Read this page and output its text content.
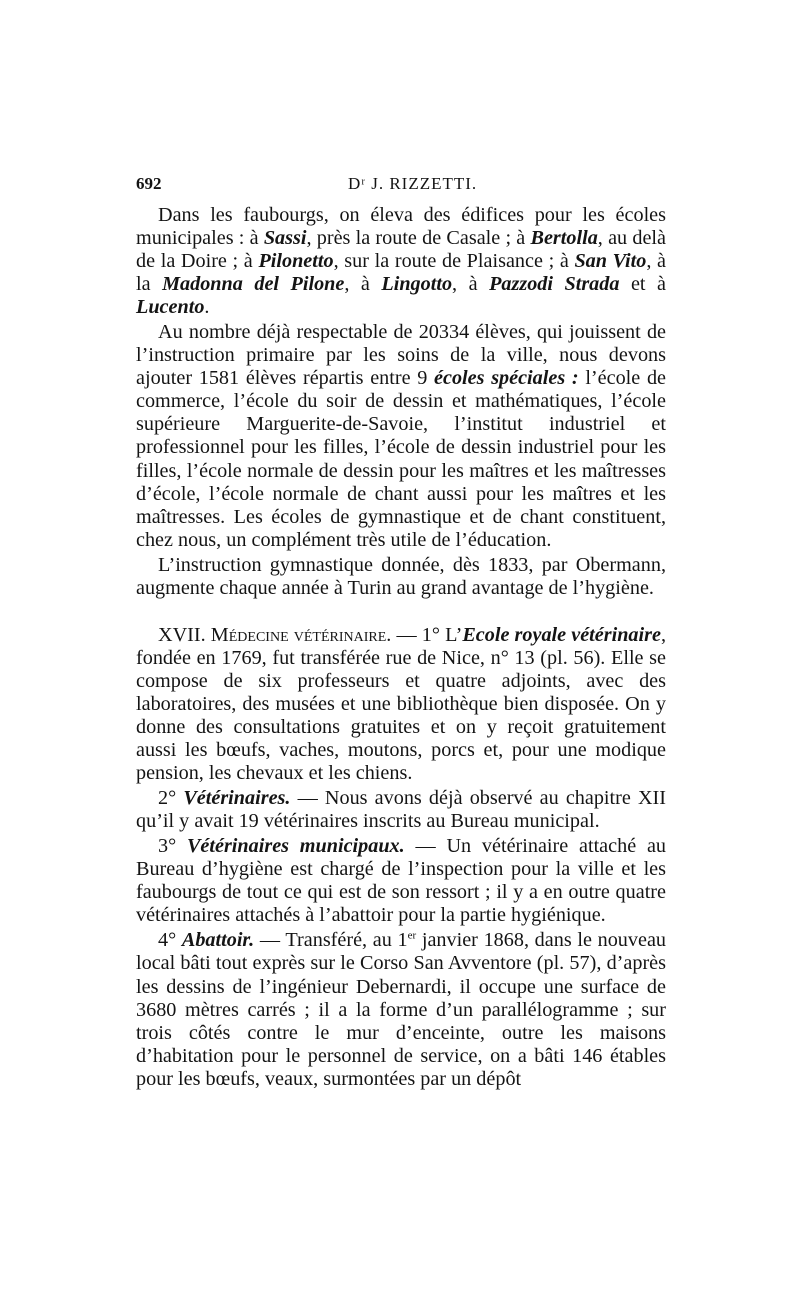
692	Dʳ J. RIZZETTI.

Dans les faubourgs, on éleva des édifices pour les écoles municipales : à Sassi, près la route de Casale ; à Bertolla, au delà de la Doire ; à Pilonetto, sur la route de Plaisance ; à San Vito, à la Madonna del Pilone, à Lingotto, à Pazzodi Strada et à Lucento.

Au nombre déjà respectable de 20334 élèves, qui jouissent de l’instruction primaire par les soins de la ville, nous devons ajouter 1581 élèves répartis entre 9 écoles spéciales : l’école de commerce, l’école du soir de dessin et mathématiques, l’école supérieure Marguerite-de-Savoie, l’institut industriel et professionnel pour les filles, l’école de dessin industriel pour les filles, l’école normale de dessin pour les maîtres et les maîtresses d’école, l’école normale de chant aussi pour les maîtres et les maîtresses. Les écoles de gymnastique et de chant constituent, chez nous, un complément très utile de l’éducation.

L’instruction gymnastique donnée, dès 1833, par Obermann, augmente chaque année à Turin au grand avantage de l’hygiène.

XVII. Médecine vétérinaire. — 1° L’Ecole royale vétérinaire, fondée en 1769, fut transférée rue de Nice, n° 13 (pl. 56). Elle se compose de six professeurs et quatre adjoints, avec des laboratoires, des musées et une bibliothèque bien disposée. On y donne des consultations gratuites et on y reçoit gratuitement aussi les bœufs, vaches, moutons, porcs et, pour une modique pension, les chevaux et les chiens.

2° Vétérinaires. — Nous avons déjà observé au chapitre XII qu’il y avait 19 vétérinaires inscrits au Bureau municipal.

3° Vétérinaires municipaux. — Un vétérinaire attaché au Bureau d’hygiène est chargé de l’inspection pour la ville et les faubourgs de tout ce qui est de son ressort ; il y a en outre quatre vétérinaires attachés à l’abattoir pour la partie hygiénique.

4° Abattoir. — Transféré, au 1er janvier 1868, dans le nouveau local bâti tout exprès sur le Corso San Avventore (pl. 57), d’après les dessins de l’ingénieur Debernardi, il occupe une surface de 3680 mètres carrés ; il a la forme d’un parallélogramme ; sur trois côtés contre le mur d’enceinte, outre les maisons d’habitation pour le personnel de service, on a bâti 146 étables pour les bœufs, veaux, surmontées par un dépôt
